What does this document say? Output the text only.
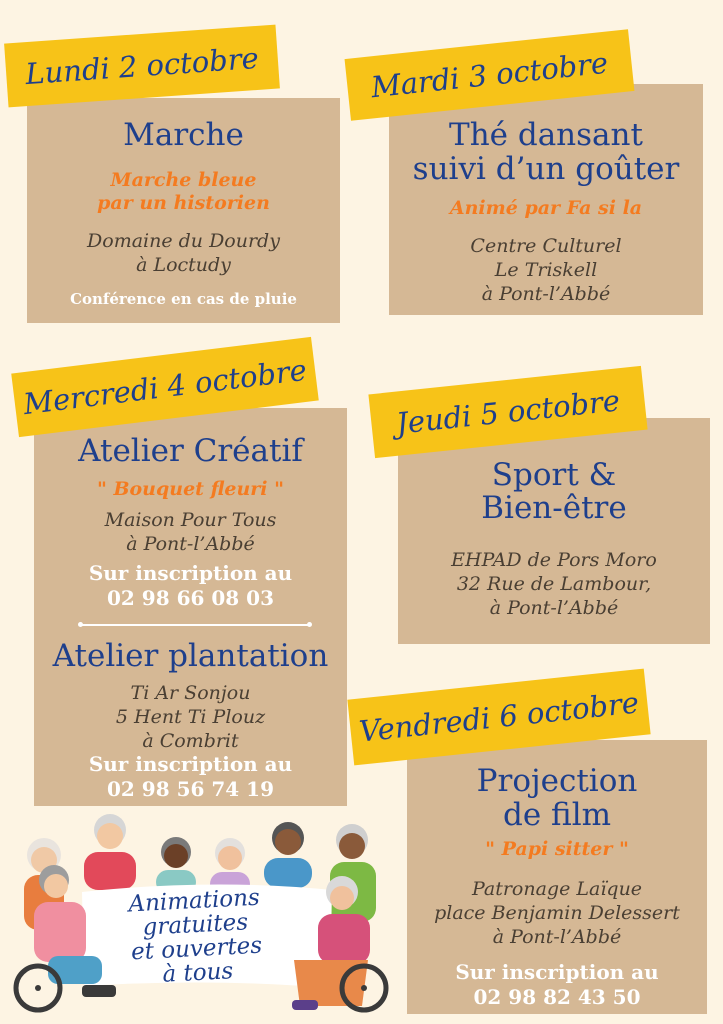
Marche
Marche bleue
par un historien
Domaine du Dourdy
à Loctudy
Conférence en cas de pluie
Lundi 2 octobre
Thé dansant
suivi d’un goûter
Animé par Fa si la
Centre Culturel
Le Triskell
à Pont-l’Abbé
Mardi 3 octobre
Atelier Créatif
" Bouquet fleuri "
Maison Pour Tous
à Pont-l’Abbé
Sur inscription au
02 98 66 08 03
Atelier plantation
Ti Ar Sonjou
5 Hent Ti Plouz
à Combrit
Sur inscription au
02 98 56 74 19
Mercredi 4 octobre
Sport &
Bien-être
EHPAD de Pors Moro
32 Rue de Lambour,
à Pont-l’Abbé
Jeudi 5 octobre
Projection
de film
" Papi sitter "
Patronage Laïque
place Benjamin Delessert
à Pont-l’Abbé
Sur inscription au
02 98 82 43 50
Vendredi 6 octobre
Animations
gratuites
et ouvertes
à tous
